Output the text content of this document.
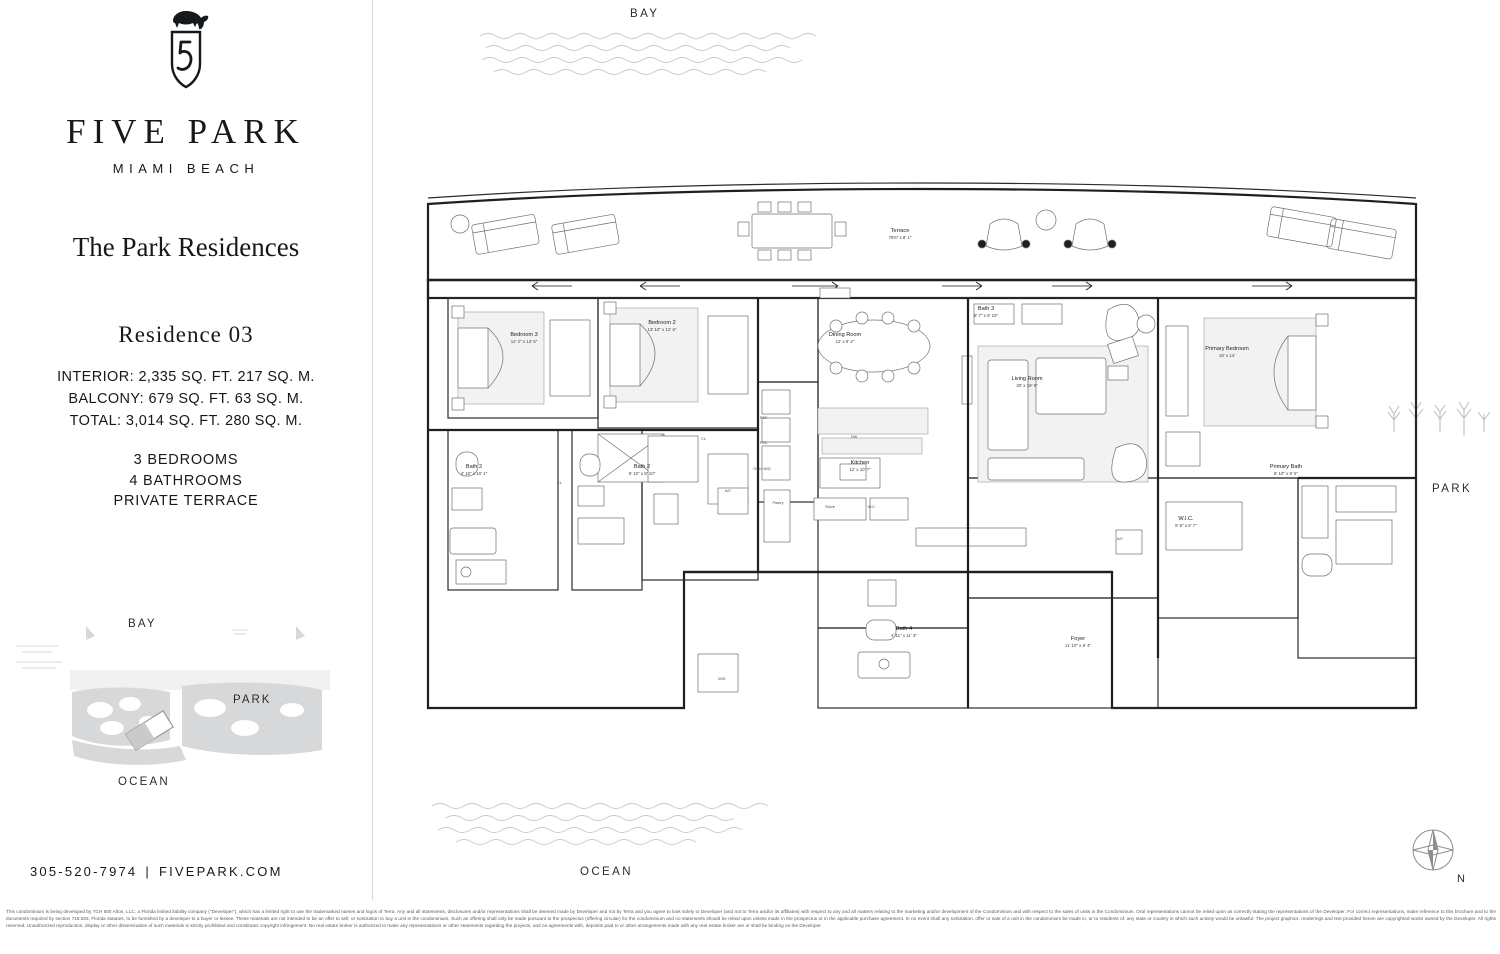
FIVE PARK
MIAMI BEACH
The Park Residences
Residence 03
INTERIOR: 2,335 SQ. FT. 217 SQ. M.
BALCONY: 679 SQ. FT. 63 SQ. M.
TOTAL: 3,014 SQ. FT. 280 SQ. M.
3 BEDROOMS
4 BATHROOMS
PRIVATE TERRACE
BAY
PARK
OCEAN
305-520-7974 | FIVEPARK.COM
BAY
OCEAN
PARK
N
Terrace
79'6" x 8' 1"
Bedroom 3
12' 2" x 13' 5"
Bedroom 2
13' 10" x 12' 6"
Dining Room
12' x 9' 2"
Bath 3
8' 7" x 9' 10"
Living Room
20' x 19' 9"
Primary Bedroom
18' x 14'
Bath 2
4' 10" x 10' 1"
Bath 2
5' 10" x 8' 10"
Kitchen
12' x 10' 7"	Primary Bath
8' 10" x 9' 6"
W.I.C.
9' 8" x 6' 7"
Bath 4
4' 11" x 11' 3"
Foyer
11' 10" x 5' 4"
CL.
CL.
A/C
A/C
REF.
FRZ.
Oven W/D
Pantry
Stove	W.C.
DW
W/D
This condominium is being developed by TCH 500 Alton, LLC, a Florida limited liability company ("Developer"), which has a limited right to use the trademarked names and logos of Terra. Any and all statements, disclosures and/or representations shall be deemed made by Developer and not by Terra and you agree to look solely to Developer (and not to Terra and/or its affiliates) with respect to any and all matters relating to the marketing and/or development of the Condominium and with respect to the sales of units in the Condominium. Oral representations cannot be relied upon as correctly stating the representations of the Developer. For correct representations, make reference to this brochure and to the documents required by section 718.503, Florida statutes, to be furnished by a developer to a buyer or lessee. These materials are not intended to be an offer to sell, or solicitation to buy a unit in the condominium. Such an offering shall only be made pursuant to the prospectus (offering circular) for the condominium and no statements should be relied upon unless made in the prospectus or in the applicable purchase agreement. In no event shall any solicitation, offer or sale of a unit in the condominium be made in, or to residents of, any state or country in which such activity would be unlawful. The project graphics, renderings and text provided herein are copyrighted works owned by the Developer. All rights reserved. Unauthorized reproduction, display or other dissemination of such materials is strictly prohibited and constitutes copyright infringement. No real estate broker is authorized to make any representations or other statements regarding the projects, and no agreements with, deposits paid to or other arrangements made with any real estate broker are or shall be binding on the Developer.
